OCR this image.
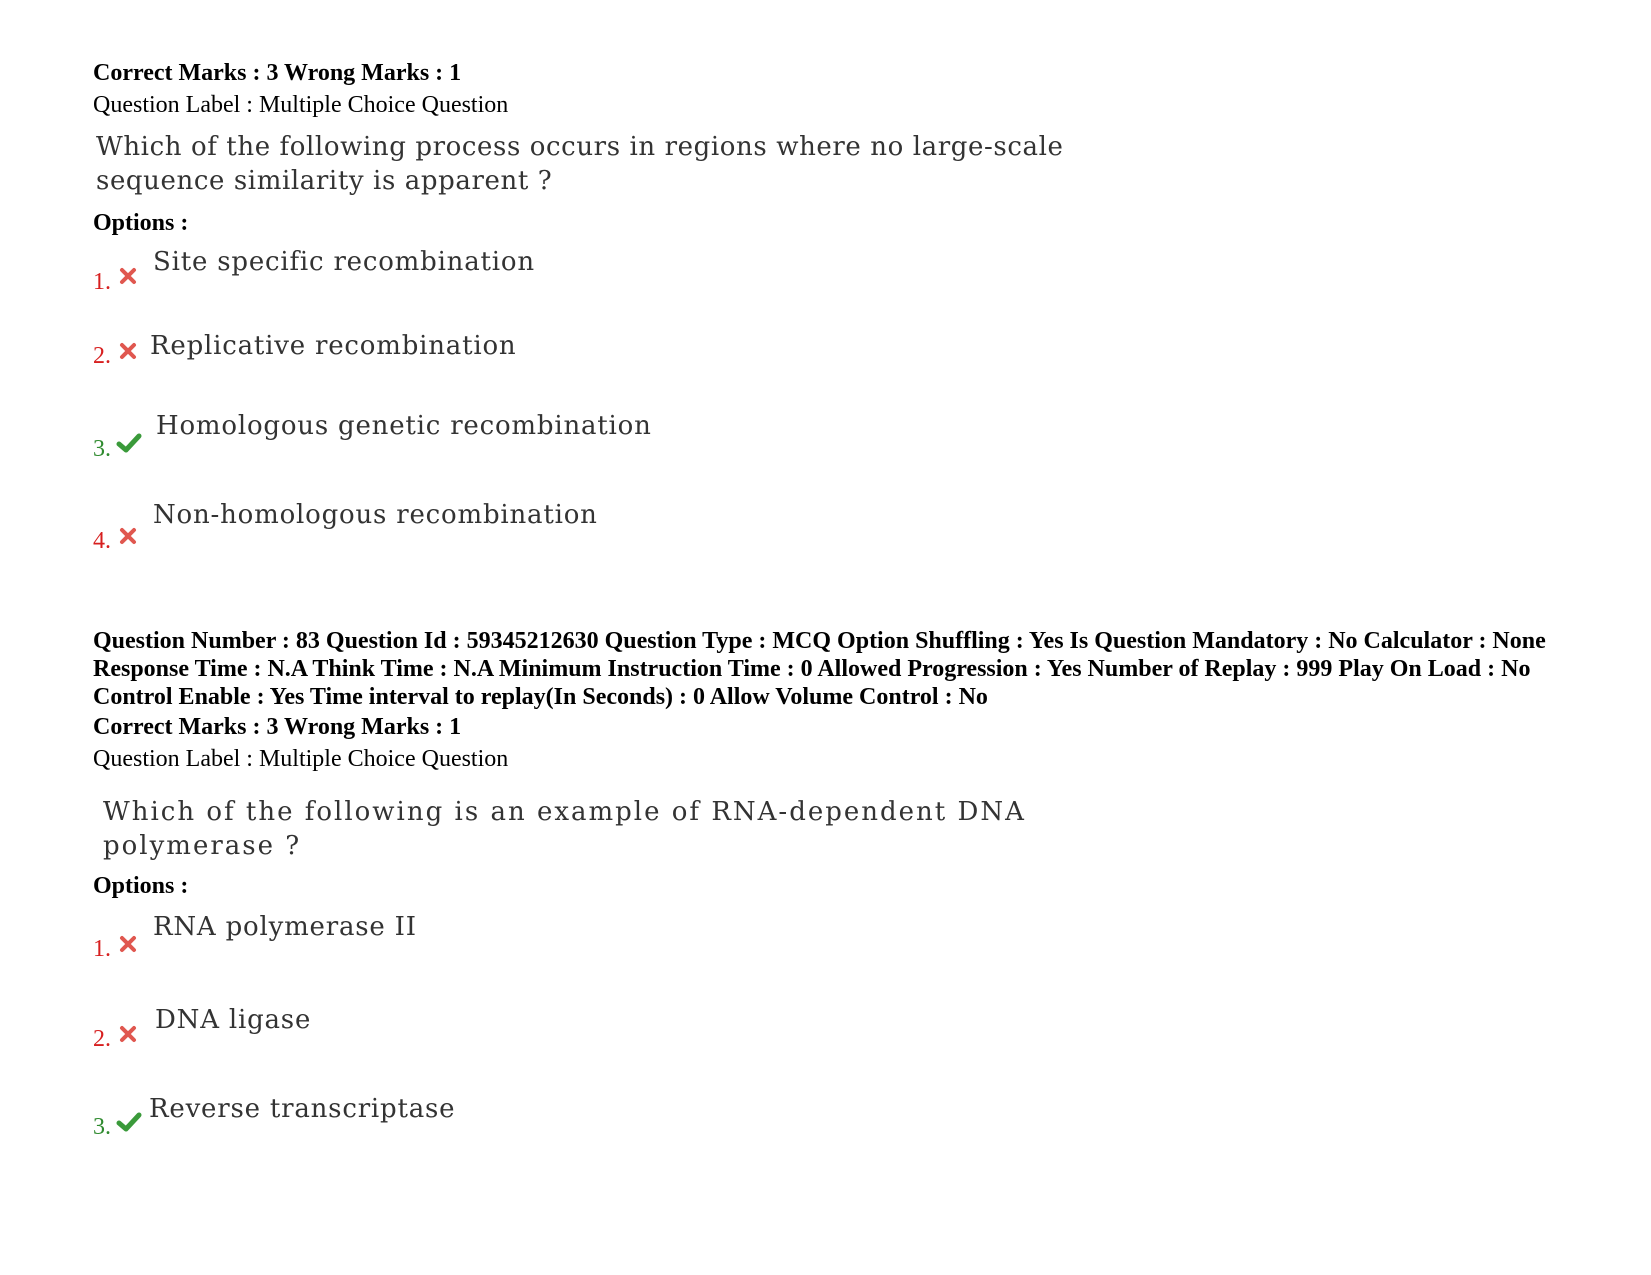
Correct Marks : 3 Wrong Marks : 1
Question Label : Multiple Choice Question
Which of the following process occurs in regions where no large-scale
sequence similarity is apparent ?
Options :
1.
Site specific recombination
2. Replicative recombination
3.
Homologous genetic recombination
4.
Non-homologous recombination
Question Number : 83 Question Id : 59345212630 Question Type : MCQ Option Shuffling : Yes Is Question Mandatory : No Calculator : None Response Time : N.A Think Time : N.A Minimum Instruction Time : 0 Allowed Progression : Yes Number of Replay : 999 Play On Load : No Control Enable : Yes Time interval to replay(In Seconds) : 0 Allow Volume Control : No
Correct Marks : 3 Wrong Marks : 1
Question Label : Multiple Choice Question
Which of the following is an example of RNA-dependent DNA
polymerase ?
Options :
1.
RNA polymerase II
2.
DNA ligase
3.
Reverse transcriptase
